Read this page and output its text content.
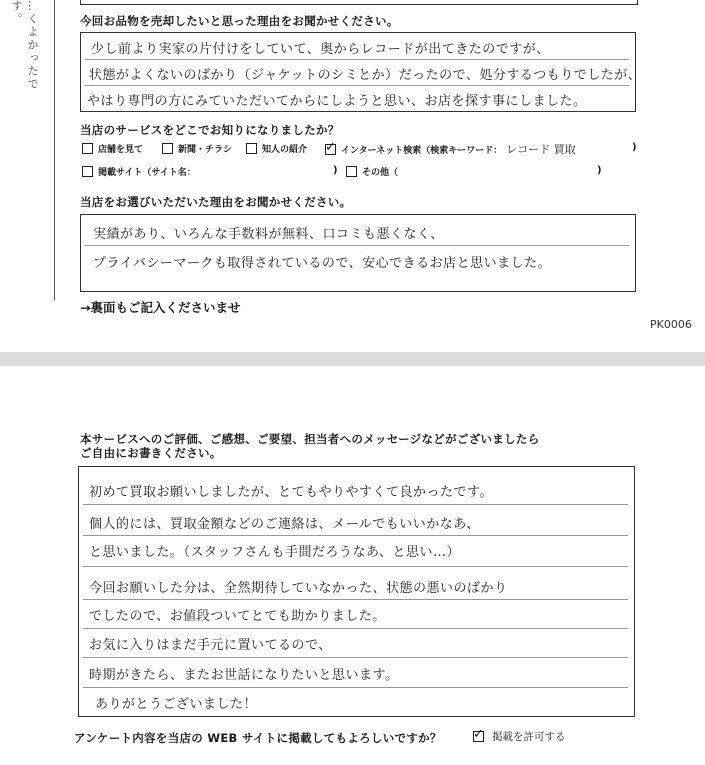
…くよかったです。	今回お品物を売却したいと思った理由をお聞かせください。
少し前より実家の片付けをしていて、奥からレコードが出てきたのですが、
状態がよくないのばかり（ジャケットのシミとか）だったので、処分するつもりでしたが、
やはり専門の方にみていただいてからにしようと思い、お店を探す事にしました。
当店のサービスをどこでお知りになりましたか？
店舗を見て	新聞・チラシ	知人の紹介 ✓ インターネット検索（検索キーワード： レコード 買取	)
掲載サイト（サイト名：	)	その他（	)
当店をお選びいただいた理由をお聞かせください。
実績があり、いろんな手数料が無料、口コミも悪くなく、
プライバシーマークも取得されているので、安心できるお店と思いました。
→裏面もご記入くださいませ
PK0006
本サービスへのご評価、ご感想、ご要望、担当者へのメッセージなどがございましたら
ご自由にお書きください。
初めて買取お願いしましたが、とてもやりやすくて良かったです。
個人的には、買取金額などのご連絡は、メールでもいいかなあ、
と思いました。（スタッフさんも手間だろうなあ、と思い…）
今回お願いした分は、全然期待していなかった、状態の悪いのばかり
でしたので、お値段ついてとても助かりました。
お気に入りはまだ手元に置いてるので、
時期がきたら、またお世話になりたいと思います。
ありがとうございました！
アンケート内容を当店の WEB サイトに掲載してもよろしいですか？ ✓ 掲載を許可する
